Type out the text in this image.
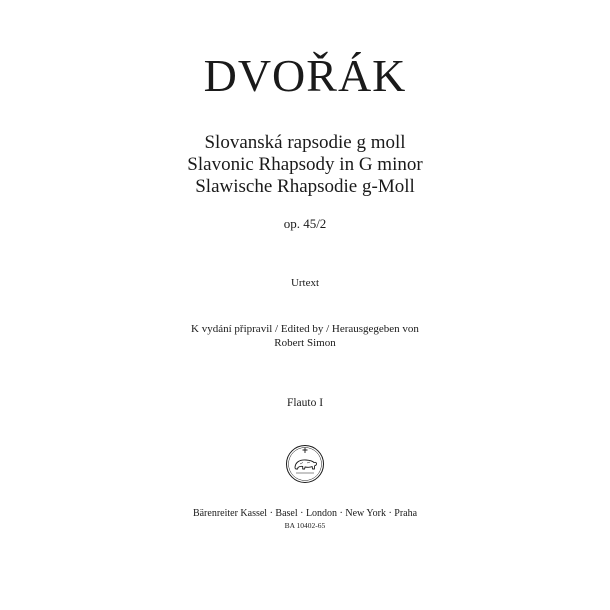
DVOŘÁK
Slovanská rapsodie g moll
Slavonic Rhapsody in G minor
Slawische Rhapsodie g-Moll
op. 45/2
Urtext
K vydání připravil / Edited by / Herausgegeben von
Robert Simon
Flauto I
Bärenreiter Kassel · Basel · London · New York · Praha
BA 10402-65
